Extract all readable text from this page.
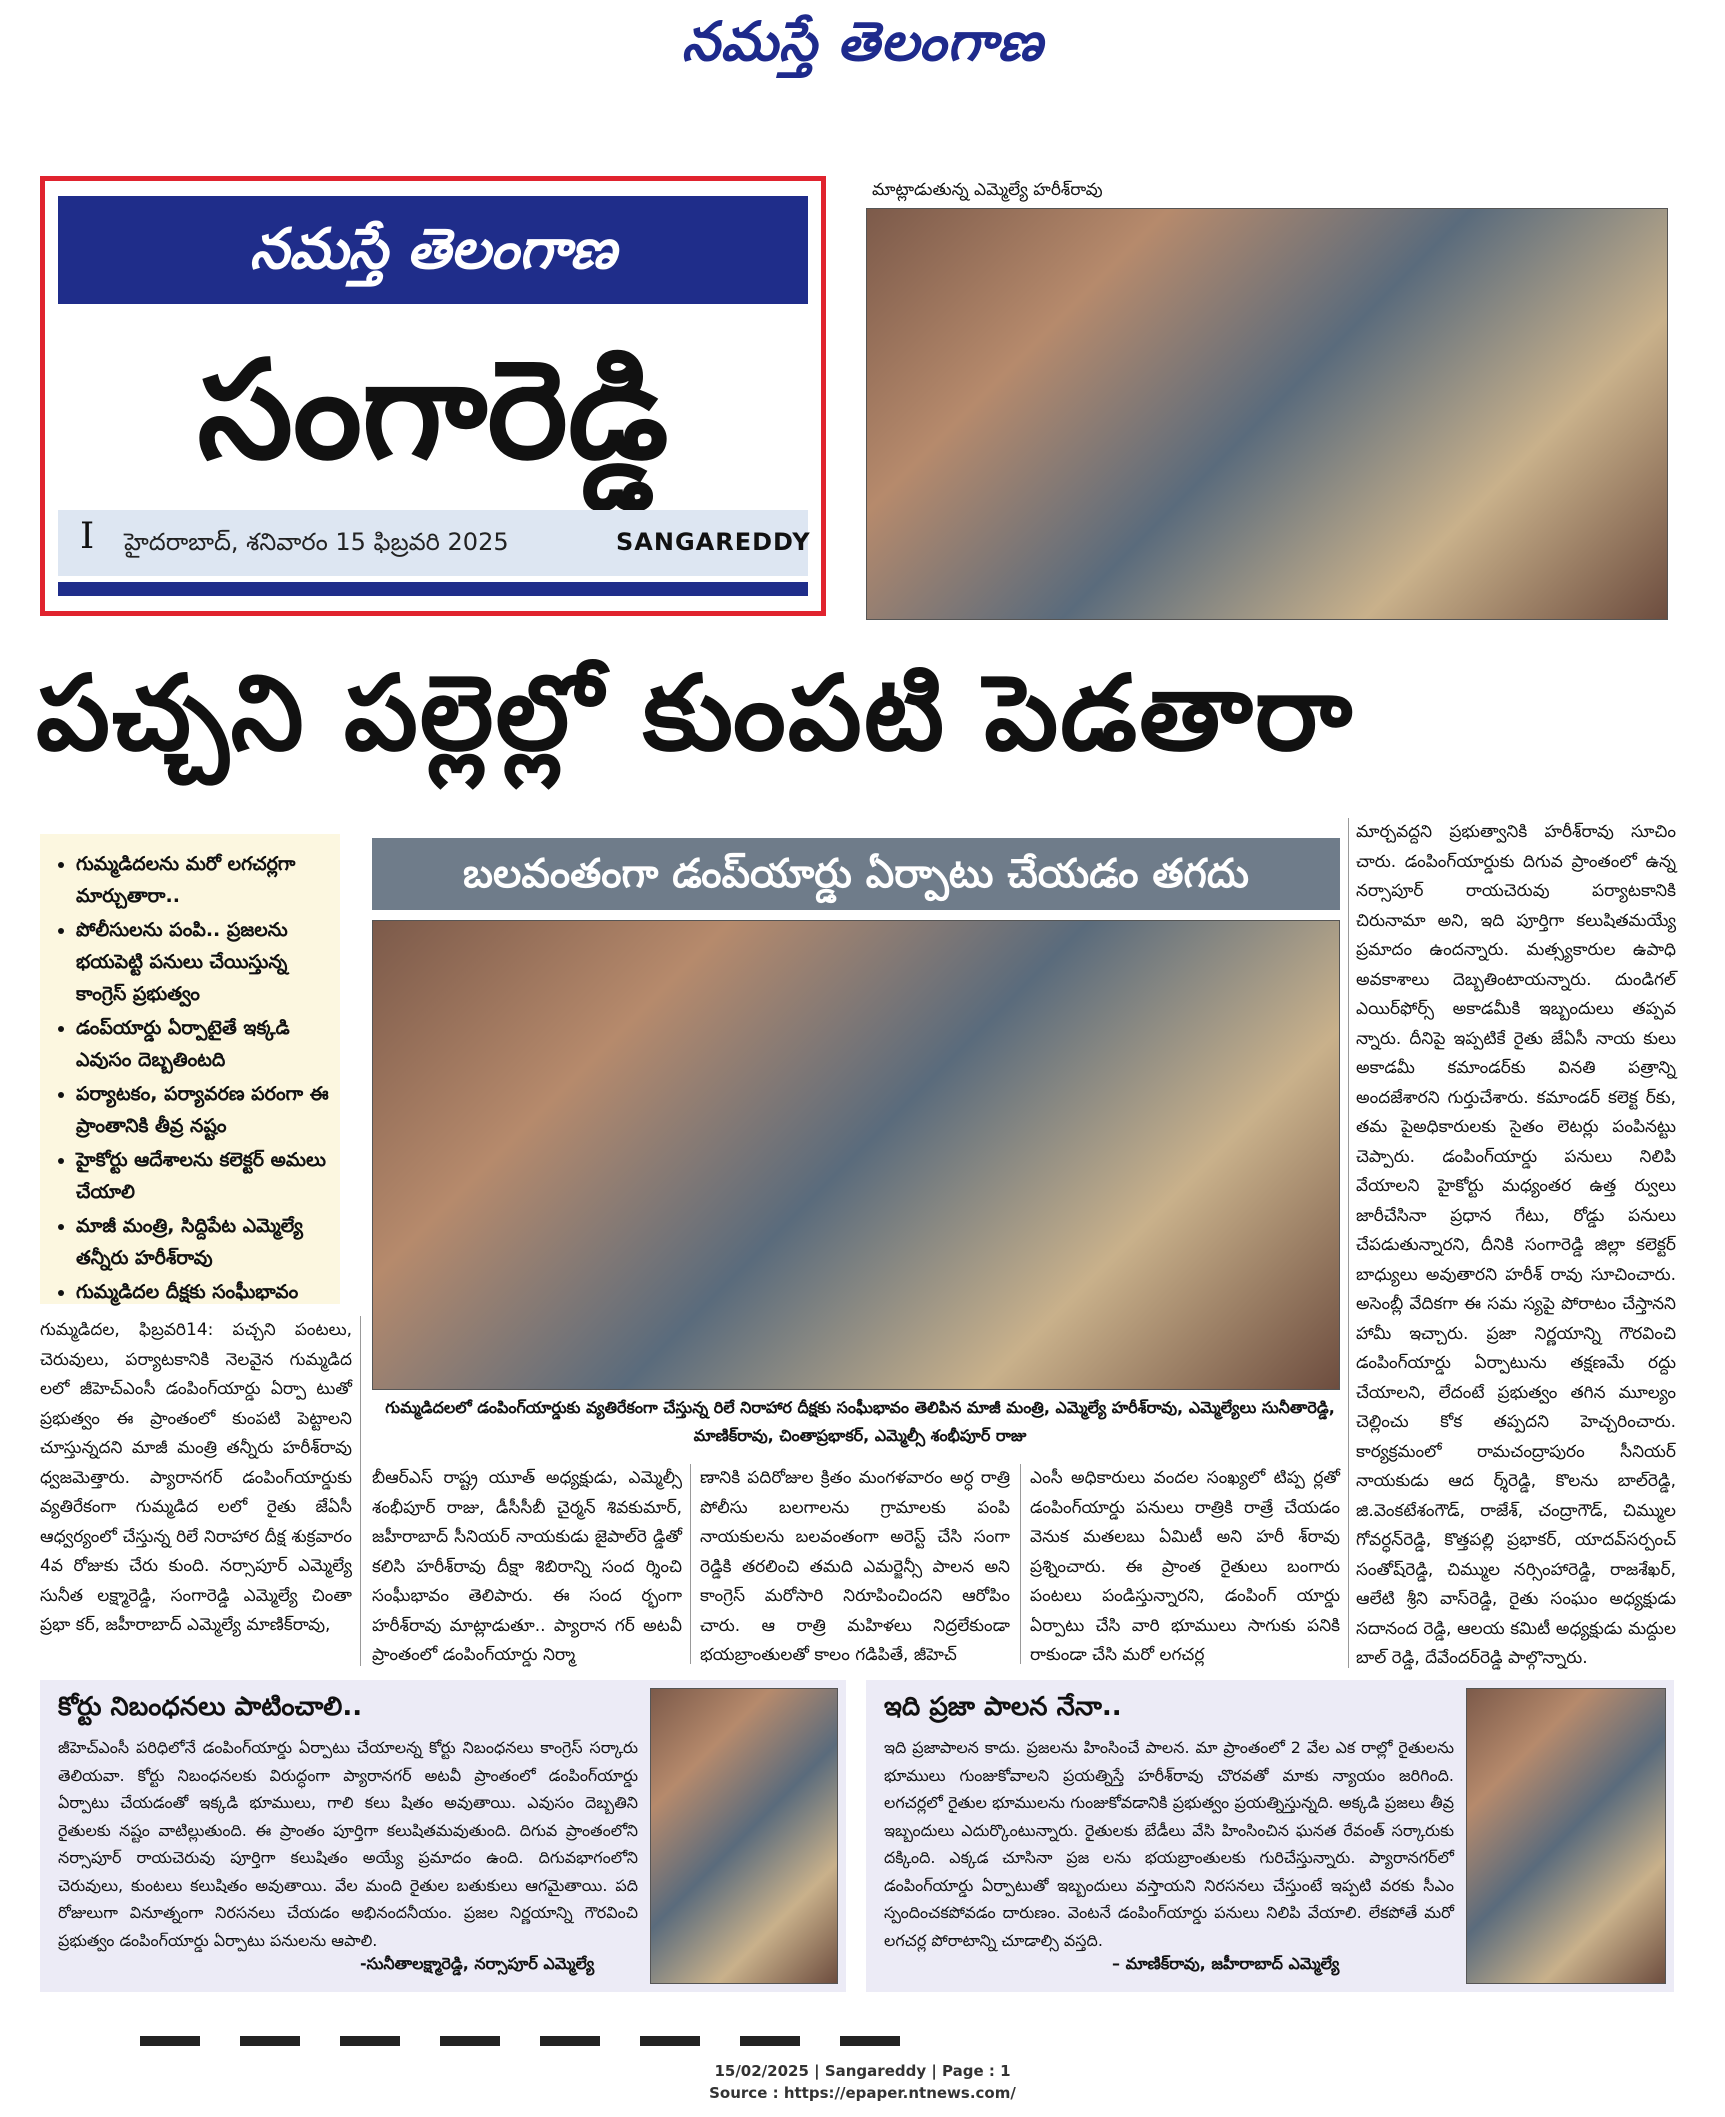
నమస్తే తెలంగాణ
నమస్తే తెలంగాణ
సంగారెడ్డి
I హైదరాబాద్, శనివారం 15 ఫిబ్రవరి 2025	SANGAREDDY
మాట్లాడుతున్న ఎమ్మెల్యే హరీశ్‌రావు
పచ్చని పల్లెల్లో కుంపటి పెడతారా
• గుమ్మడిదలను మరో లగచర్లగా మార్చుతారా..
• పోలీసులను పంపి.. ప్రజలను భయపెట్టి పనులు చేయిస్తున్న కాంగ్రెస్ ప్రభుత్వం
• డంప్‌యార్డు ఏర్పాటైతే ఇక్కడి ఎవుసం దెబ్బతింటది
• పర్యాటకం, పర్యావరణ పరంగా ఈ ప్రాంతానికి తీవ్ర నష్టం
• హైకోర్టు ఆదేశాలను కలెక్టర్ అమలు చేయాలి
• మాజీ మంత్రి, సిద్దిపేట ఎమ్మెల్యే తన్నీరు హరీశ్‌రావు
• గుమ్మడిదల దీక్షకు సంఘీభావం
బలవంతంగా డంప్‌యార్డు ఏర్పాటు చేయడం తగదు
గుమ్మడిదలలో డంపింగ్‌యార్డుకు వ్యతిరేకంగా చేస్తున్న రిలే నిరాహార దీక్షకు సంఘీభావం తెలిపిన మాజీ మంత్రి, ఎమ్మెల్యే హరీశ్‌రావు, ఎమ్మెల్యేలు సునీతారెడ్డి, మాణిక్‌రావు, చింతాప్రభాకర్, ఎమ్మెల్సీ శంభీపూర్ రాజు
గుమ్మడిదల, ఫిబ్రవరి14: పచ్చని పంటలు, చెరువులు, పర్యాటకానికి నెలవైన గుమ్మడిద లలో జీహెచ్‌ఎంసీ డంపింగ్‌యార్డు ఏర్పా టుతో ప్రభుత్వం ఈ ప్రాంతంలో కుంపటి పెట్టాలని చూస్తున్నదని మాజీ మంత్రి తన్నీరు హరీశ్‌రావు ధ్వజమెత్తారు. ప్యారానగర్ డంపింగ్‌యార్డుకు వ్యతిరేకంగా గుమ్మడిద లలో రైతు జేఏసీ ఆధ్వర్యంలో చేస్తున్న రిలే నిరాహార దీక్ష శుక్రవారం 4వ రోజుకు చేరు కుంది. నర్సాపూర్ ఎమ్మెల్యే సునీత లక్ష్మారెడ్డి, సంగారెడ్డి ఎమ్మెల్యే చింతా ప్రభా కర్, జహీరాబాద్ ఎమ్మెల్యే మాణిక్‌రావు,
బీఆర్‌ఎస్ రాష్ట్ర యూత్ అధ్యక్షుడు, ఎమ్మెల్సీ శంభీపూర్ రాజు, డీసీసీబీ చైర్మన్ శివకుమార్, జహీరాబాద్ సీనియర్ నాయకుడు జైపాల్‌రె డ్డితో కలిసి హరీశ్‌రావు దీక్షా శిబిరాన్ని సంద ర్శించి సంఘీభావం తెలిపారు. ఈ సంద ర్భంగా హరీశ్‌రావు మాట్లాడుతూ.. ప్యారాన గర్ అటవీ ప్రాంతంలో డంపింగ్‌యార్డు నిర్మా
ణానికి పదిరోజుల క్రితం మంగళవారం అర్ధ రాత్రి పోలీసు బలగాలను గ్రామాలకు పంపి నాయకులను బలవంతంగా అరెస్ట్ చేసి సంగా రెడ్డికి తరలించి తమది ఎమర్జెన్సీ పాలన అని కాంగ్రెస్ మరోసారి నిరూపించిందని ఆరోపిం చారు. ఆ రాత్రి మహిళలు నిద్రలేకుండా భయబ్రాంతులతో కాలం గడిపితే, జీహెచ్
ఎంసీ అధికారులు వందల సంఖ్యలో టిప్ప ర్లతో డంపింగ్‌యార్డు పనులు రాత్రికి రాత్రే చేయడం వెనుక మతలబు ఏమిటీ అని హరీ శ్‌రావు ప్రశ్నించారు. ఈ ప్రాంత రైతులు బంగారు పంటలు పండిస్తున్నారని, డంపింగ్ యార్డు ఏర్పాటు చేసి వారి భూములు సాగుకు పనికి రాకుండా చేసి మరో లగచర్ల
మార్చవద్దని ప్రభుత్వానికి హరీశ్‌రావు సూచిం చారు. డంపింగ్‌యార్డుకు దిగువ ప్రాంతంలో ఉన్న నర్సాపూర్ రాయచెరువు పర్యాటకానికి చిరునామా అని, ఇది పూర్తిగా కలుషితమయ్యే ప్రమాదం ఉందన్నారు. మత్స్యకారుల ఉపాధి అవకాశాలు దెబ్బతింటాయన్నారు. దుండిగల్ ఎయిర్‌ఫోర్స్ అకాడమీకి ఇబ్బందులు తప్పవ న్నారు. దీనిపై ఇప్పటికే రైతు జేఏసీ నాయ కులు అకాడమీ కమాండర్‌కు వినతి పత్రాన్ని అందజేశారని గుర్తుచేశారు. కమాండర్ కలెక్ట ర్‌కు, తమ పైఅధికారులకు సైతం లెటర్లు పంపినట్టు చెప్పారు. డంపింగ్‌యార్డు పనులు నిలిపి వేయాలని హైకోర్టు మధ్యంతర ఉత్త ర్వులు జారీచేసినా ప్రధాన గేటు, రోడ్డు పనులు చేపడుతున్నారని, దీనికి సంగారెడ్డి జిల్లా కలెక్టర్ బాధ్యులు అవుతారని హరీశ్ రావు సూచించారు. అసెంబ్లీ వేదికగా ఈ సమ స్యపై పోరాటం చేస్తానని హామీ ఇచ్చారు. ప్రజా నిర్ణయాన్ని గౌరవించి డంపింగ్‌యార్డు ఏర్పాటును తక్షణమే రద్దు చేయాలని, లేదంటే ప్రభుత్వం తగిన మూల్యం చెల్లించు కోక తప్పదని హెచ్చరించారు. కార్యక్రమంలో రామచంద్రాపురం సీనియర్ నాయకుడు ఆద ర్శ్‌రెడ్డి, కొలను బాల్‌రెడ్డి, జి.వెంకటేశంగౌడ్, రాజేశ్, చంద్రాగౌడ్, చిమ్ముల గోవర్ధన్‌రెడ్డి, కొత్తపల్లి ప్రభాకర్, యాదవ్‌సర్పంచ్ సంతోష్‌రెడ్డి, చిమ్ముల నర్సింహారెడ్డి, రాజశేఖర్, ఆలేటి శ్రీని వాస్‌రెడ్డి, రైతు సంఘం అధ్యక్షుడు సదానంద రెడ్డి, ఆలయ కమిటీ అధ్యక్షుడు మద్దుల బాల్ రెడ్డి, దేవేందర్‌రెడ్డి పాల్గొన్నారు.
కోర్టు నిబంధనలు పాటించాలి..
జీహెచ్‌ఎంసీ పరిధిలోనే డంపింగ్‌యార్డు ఏర్పాటు చేయాలన్న కోర్టు నిబంధనలు కాంగ్రెస్ సర్కారు తెలియవా. కోర్టు నిబంధనలకు విరుద్ధంగా ప్యారానగర్ అటవీ ప్రాంతంలో డంపింగ్‌యార్డు ఏర్పాటు చేయడంతో ఇక్కడి భూములు, గాలి కలు షితం అవుతాయి. ఎవుసం దెబ్బతిని రైతులకు నష్టం వాటిల్లుతుంది. ఈ ప్రాంతం పూర్తిగా కలుషితమవుతుంది. దిగువ ప్రాంతంలోని నర్సాపూర్ రాయచెరువు పూర్తిగా కలుషితం అయ్యే ప్రమాదం ఉంది. దిగువభాగంలోని చెరువులు, కుంటలు కలుషితం అవుతాయి. వేల మంది రైతుల బతుకులు ఆగమైతాయి. పది రోజులుగా వినూత్నంగా నిరసనలు చేయడం అభినందనీయం. ప్రజల నిర్ణయాన్ని గౌరవించి ప్రభుత్వం డంపింగ్‌యార్డు ఏర్పాటు పనులను ఆపాలి.
-సునీతాలక్ష్మారెడ్డి, నర్సాపూర్ ఎమ్మెల్యే
ఇది ప్రజా పాలన నేనా..
ఇది ప్రజాపాలన కాదు. ప్రజలను హింసించే పాలన. మా ప్రాంతంలో 2 వేల ఎక రాల్లో రైతులను భూములు గుంజుకోవాలని ప్రయత్నిస్తే హరీశ్‌రావు చొరవతో మాకు న్యాయం జరిగింది. లగచర్లలో రైతుల భూములను గుంజుకోవడానికి ప్రభుత్వం ప్రయత్నిస్తున్నది. అక్కడి ప్రజలు తీవ్ర ఇబ్బందులు ఎదుర్కొంటున్నారు. రైతులకు బేడీలు వేసి హింసించిన ఘనత రేవంత్ సర్కారుకు దక్కింది. ఎక్కడ చూసినా ప్రజ లను భయబ్రాంతులకు గురిచేస్తున్నారు. ప్యారానగర్‌లో డంపింగ్‌యార్డు ఏర్పాటుతో ఇబ్బందులు వస్తాయని నిరసనలు చేస్తుంటే ఇప్పటి వరకు సీఎం స్పందించకపోవడం దారుణం. వెంటనే డంపింగ్‌యార్డు పనులు నిలిపి వేయాలి. లేకపోతే మరో లగచర్ల పోరాటాన్ని చూడాల్సి వస్తది.
– మాణిక్‌రావు, జహీరాబాద్ ఎమ్మెల్యే
15/02/2025 | Sangareddy | Page : 1
Source : https://epaper.ntnews.com/
